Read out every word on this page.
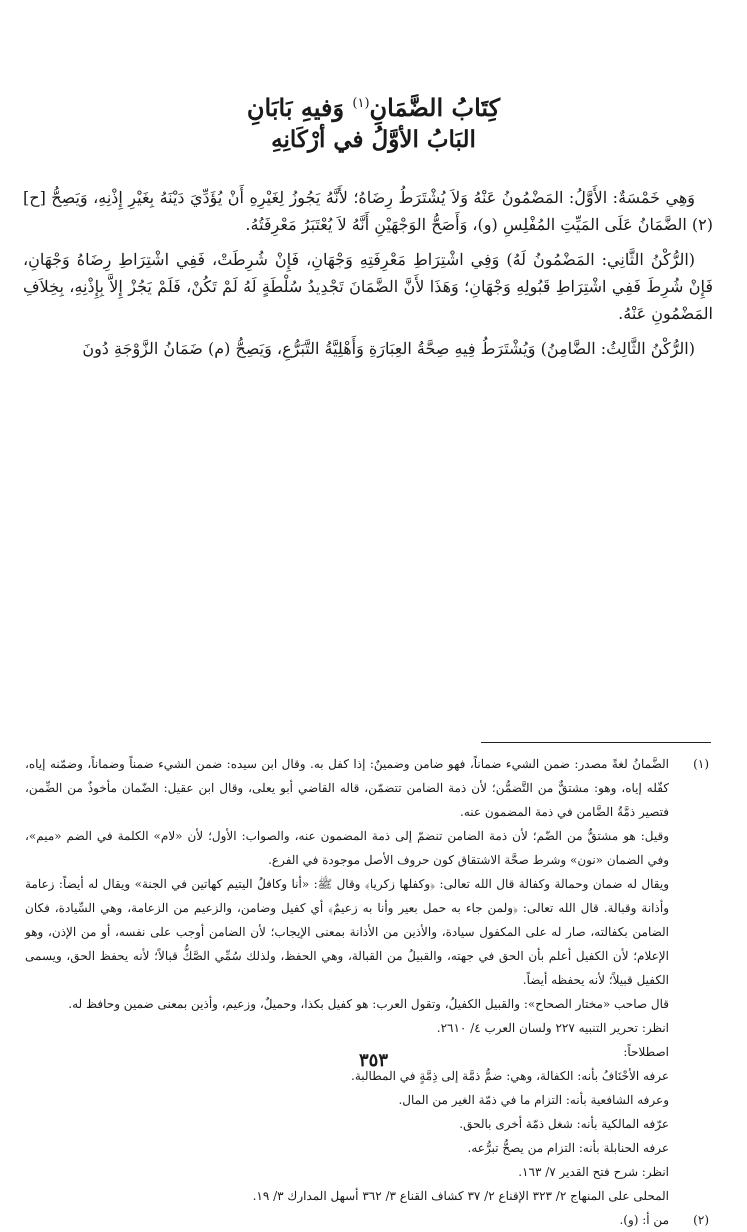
كِتَابُ الضَّمَانِ$^{(١)}$ وَفيهِ بَابَانِ

البَابُ الأوَّلُ في أرْكَانِهِ

وَهِي خَمْسَةٌ: الأَوَّلُ: المَضْمُونُ عَنْهُ وَلاَ يُشْتَرَطُ رِضَاهُ؛ لأَنَّهُ يَجُوزُ لِغَيْرِهِ أَنْ يُؤَدِّيَ دَيْنَهُ بِغَيْرِ إِذْنِهِ، وَيَصِحُّ [ح](٢) الضَّمَانُ عَلَى المَيِّتِ المُفْلِسِ (و)، وَأَصَحُّ الوَجْهَيْنِ أَنَّهُ لاَ يُعْتَبَرُ مَعْرِفَتُهُ.

(الرُّكْنُ الثَّانِي: المَضْمُونُ لَهُ) وَفِي اشْتِرَاطِ مَعْرِفَتِهِ وَجْهَانِ، فَإِنْ شُرِطَتْ، فَفِي اشْتِرَاطِ رِضَاهُ وَجْهَانِ، فَإِنْ شُرِطَ فَفِي اشْتِرَاطِ قَبُولِهِ وَجْهَانِ؛ وَهَذَا لأَنَّ الضَّمَانَ تَجْدِيدُ سُلْطَةٍ لَهُ لَمْ تَكُنْ، فَلَمْ يَجُزْ إِلاَّ بِإِذْنِهِ، بِخِلاَفِ المَضْمُونِ عَنْهُ.

(الرُّكْنُ الثَّالِثُ: الضَّامِنُ) وَيُشْتَرَطُ فِيهِ صِحَّةُ العِبَارَةِ وَأَهْلِيَّةُ التَّبَرُّعِ، وَيَصِحُّ (م) ضَمَانُ الزَّوْجَةِ دُونَ

(١)

الضَّمانُ لغةً مصدر: ضمن الشيء ضماناً، فهو ضامن وضمينٌ: إذا كفل به. وقال ابن سيده: ضمن الشيء ضمناً وضماناً، وضمّنه إياه، كفّله إياه، وهو: مشتقٌّ من التَّضمُّن؛ لأن ذمة الضامن تتضمّن، قاله القاضي أبو يعلى، وقال ابن عقيل: الضّمان مأخوذٌ من الضِّمن، فتصير ذمَّةُ الضَّامن في ذمة المضمون عنه.

وقيل: هو مشتقٌّ من الضّم؛ لأن ذمة الضامن تنضمّ إلى ذمة المضمون عنه، والصواب: الأول؛ لأن «لام» الكلمة في الضم «ميم»، وفي الضمان «نون» وشرط صحَّة الاشتقاق كون حروف الأصل موجودة في الفرع.

ويقال له ضمان وحمالة وكفالة قال الله تعالى: ﴿وكفلها زكريا﴾ وقال ﷺ: «أنا وكافلُ اليتيم كهاتين في الجنة» ويقال له أيضاً: زعامة وأذانة وقبالة. قال الله تعالى: ﴿ولمن جاء به حمل بعير وأنا به زعيمٌ﴾ أي كفيل وضامن، والزعيم من الزعامة، وهي السِّيادة، فكان الضامن بكفالته، صار له على المكفول سيادة، والأذين من الأذانة بمعنى الإيجاب؛ لأن الضامن أوجب على نفسه، أو من الإذن، وهو الإعلام؛ لأن الكفيل أعلم بأن الحق في جهته، والقبيلُ من القبالة، وهي الحفظ، ولذلك سُمِّي الصَّكُّ قبالاً؛ لأنه يحفظ الحق، ويسمى الكفيل قبيلاً؛ لأنه يحفظه أيضاً.

قال صاحب «مختار الصحاح»: والقبيل الكفيلُ، وتقول العرب: هو كفيل بكذا، وحميلٌ، وزعيم، وأذين بمعنى ضمين وحافظ له.

انظر: تحرير التنبيه ٢٢٧ ولسان العرب ٤/ ٢٦١٠.

اصطلاحاً:

عرفه الأحْنَافُ بأنه: الكفالة، وهي: ضمُّ ذمَّة إلى ذِمَّةٍ في المطالبة.

وعرفه الشافعية بأنه: التزام ما في ذمّة الغير من المال.

عرّفه المالكية بأنه: شغل ذمّة أخرى بالحق.

عرفه الحنابلة بأنه: التزام من يصحُّ تبرُّعه.

انظر: شرح فتح القدير ٧/ ١٦٣.

المحلى على المنهاج ٢/ ٣٢٣ الإقناع ٢/ ٣٧ كشاف القناع ٣/ ٣٦٢ أسهل المدارك ٣/ ١٩.

(٢)

من أ: (و).

٣٥٣
